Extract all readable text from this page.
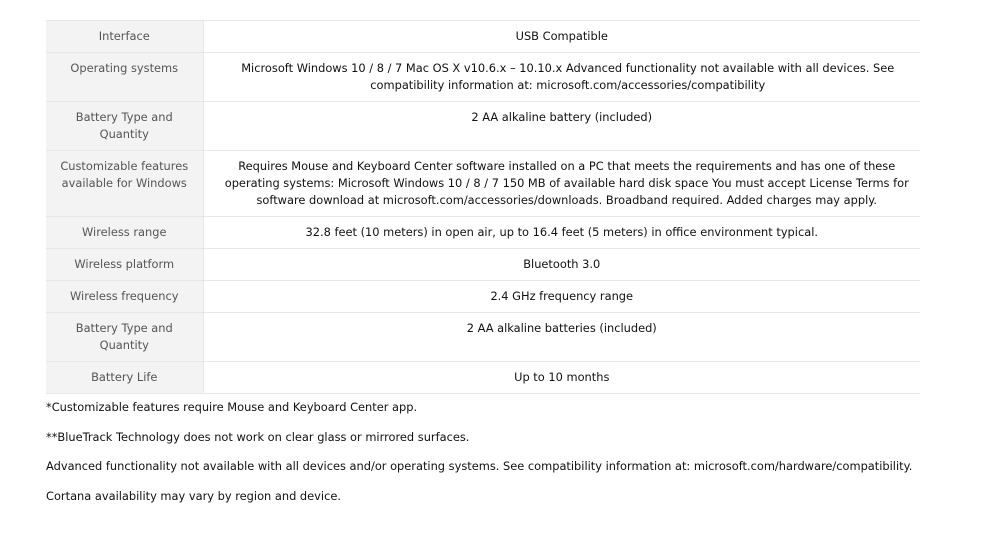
Interface	USB Compatible
Operating systems	Microsoft Windows 10 / 8 / 7 Mac OS X v10.6.x – 10.10.x Advanced functionality not available with all devices. See compatibility information at: microsoft.com/accessories/compatibility
Battery Type and Quantity	2 AA alkaline battery (included)
Customizable features available for Windows	Requires Mouse and Keyboard Center software installed on a PC that meets the requirements and has one of these operating systems: Microsoft Windows 10 / 8 / 7 150 MB of available hard disk space You must accept License Terms for software download at microsoft.com/accessories/downloads. Broadband required. Added charges may apply.
Wireless range	32.8 feet (10 meters) in open air, up to 16.4 feet (5 meters) in office environment typical.
Wireless platform	Bluetooth 3.0
Wireless frequency	2.4 GHz frequency range
Battery Type and Quantity	2 AA alkaline batteries (included)
Battery Life	Up to 10 months

*Customizable features require Mouse and Keyboard Center app.

**BlueTrack Technology does not work on clear glass or mirrored surfaces.

Advanced functionality not available with all devices and/or operating systems. See compatibility information at: microsoft.com/hardware/compatibility.

Cortana availability may vary by region and device.
